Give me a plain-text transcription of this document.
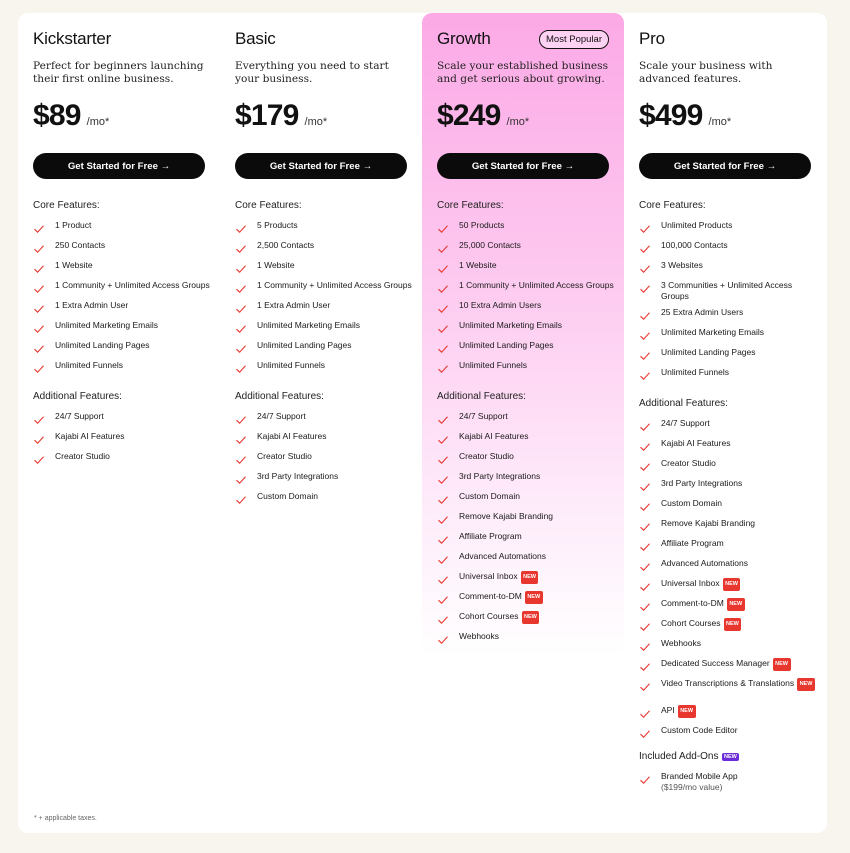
Kickstarter
Perfect for beginners launching their first online business.
$89 /mo*
Get Started for Free →
Core Features:
1 Product
250 Contacts
1 Website
1 Community + Unlimited Access Groups
1 Extra Admin User
Unlimited Marketing Emails
Unlimited Landing Pages
Unlimited Funnels
Additional Features:
24/7 Support
Kajabi AI Features
Creator Studio
Basic
Everything you need to start your business.
$179 /mo*
Get Started for Free →
Core Features:
5 Products
2,500 Contacts
1 Website
1 Community + Unlimited Access Groups
1 Extra Admin User
Unlimited Marketing Emails
Unlimited Landing Pages
Unlimited Funnels
Additional Features:
24/7 Support
Kajabi AI Features
Creator Studio
3rd Party Integrations
Custom Domain
Growth	Most Popular
Scale your established business and get serious about growing.
$249 /mo*
Get Started for Free →
Core Features:
50 Products
25,000 Contacts
1 Website
1 Community + Unlimited Access Groups
10 Extra Admin Users
Unlimited Marketing Emails
Unlimited Landing Pages
Unlimited Funnels
Additional Features:
24/7 Support
Kajabi AI Features
Creator Studio
3rd Party Integrations
Custom Domain
Remove Kajabi Branding
Affiliate Program
Advanced Automations
Universal Inbox NEW
Comment-to-DM NEW
Cohort Courses NEW
Webhooks
Pro
Scale your business with advanced features.
$499 /mo*
Get Started for Free →
Core Features:
Unlimited Products
100,000 Contacts
3 Websites
3 Communities + Unlimited Access Groups
25 Extra Admin Users
Unlimited Marketing Emails
Unlimited Landing Pages
Unlimited Funnels
Additional Features:
24/7 Support
Kajabi AI Features
Creator Studio
3rd Party Integrations
Custom Domain
Remove Kajabi Branding
Affiliate Program
Advanced Automations
Universal Inbox NEW
Comment-to-DM NEW
Cohort Courses NEW
Webhooks
Dedicated Success Manager NEW
Video Transcriptions & Translations NEW
API NEW
Custom Code Editor
Included Add-Ons NEW
Branded Mobile App
($199/mo value)
* + applicable taxes.
